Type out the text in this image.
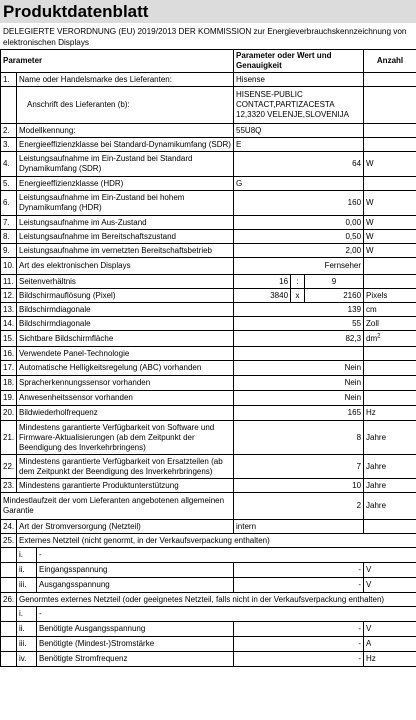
Produktdatenblatt
DELEGIERTE VERORDNUNG (EU) 2019/2013 DER KOMMISSION zur Energieverbrauchskennzeichnung von elektronischen Displays
Parameter			Parameter oder Wert und Genauigkeit			Anzahl
1.	Name oder Handelsmarke des Lieferanten:		Hisense			
	Anschrift des Lieferanten (b):		HISENSE-PUBLIC CONTACT,PARTIZACESTA 12,3320 VELENJE,SLOVENIJA			
2.	Modellkennung:		55U8Q			
3.	Energieeffizienzklasse bei Standard-Dynamikumfang (SDR)		E			
4.	Leistungsaufnahme im Ein-Zustand bei Standard Dynamikumfang (SDR)		64			W
5.	Energieeffizienzklasse (HDR)		G			
6.	Leistungsaufnahme im Ein-Zustand bei hohem Dynamikumfang (HDR)		160			W
7.	Leistungsaufnahme im Aus-Zustand		0,00			W
8.	Leistungsaufnahme im Bereitschaftszustand		0,50			W
9.	Leistungsaufnahme im vernetzten Bereitschaftsbetrieb		2,00			W
10.	Art des elektronischen Displays		Fernseher			
11.	Seitenverhältnis		16	:	9	
12.	Bildschirmauflösung (Pixel)		3840	x	2160	Pixels
13.	Bildschirmdiagonale		139			cm
14.	Bildschirmdiagonale		55			Zoll
15.	Sichtbare Bildschirmfläche		82,3			$dm^2$
16.	Verwendete Panel-Technologie					
17.	Automatische Helligkeitsregelung (ABC) vorhanden		Nein			
18.	Spracherkennungssensor vorhanden		Nein			
19.	Anwesenheitssensor vorhanden		Nein			
20.	Bildwiederholfrequenz		165			Hz
21.	Mindestens garantierte Verfügbarkeit von Software und Firmware-Aktualisierungen (ab dem Zeitpunkt der Beendigung des Inverkehrbringens)		8			Jahre
22.	Mindestens garantierte Verfügbarkeit von Ersatzteilen (ab dem Zeitpunkt der Beendigung des Inverkehrbringens)		7			Jahre
23.	Mindestens garantierte Produktunterstützung		10			Jahre
Mindestlaufzeit der vom Lieferanten angebotenen allgemeinen Garantie			2			Jahre
24.	Art der Stromversorgung (Netzteil)		intern			
25.	Externes Netzteil (nicht genormt, in der Verkaufsverpackung enthalten)					
	i.	-				
	ii.	Eingangsspannung	-			V
	iii.	Ausgangsspannung	-			V
26.	Genormtes externes Netzteil (oder geeignetes Netzteil, falls nicht in der Verkaufsverpackung enthalten)					
	i.	-				
	ii.	Benötigte Ausgangsspannung	-			V
	iii.	Benötigte (Mindest-)Stromstärke	-			A
	iv.	Benötigte Stromfrequenz	-			Hz
